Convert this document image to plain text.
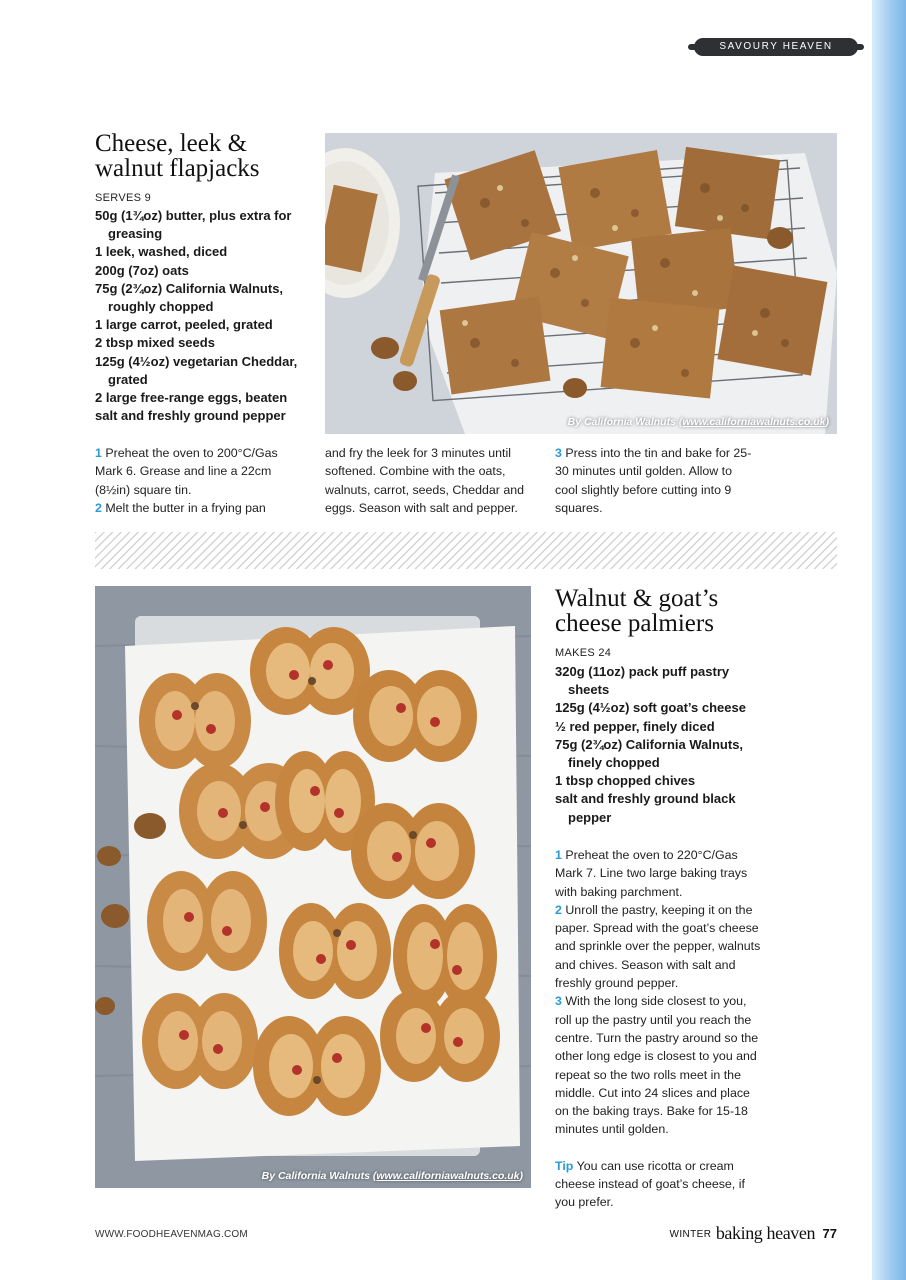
SAVOURY HEAVEN
Cheese, leek &
walnut flapjacks
SERVES 9
50g (1¾oz) butter, plus extra for greasing
1 leek, washed, diced
200g (7oz) oats
75g (2¾oz) California Walnuts, roughly chopped
1 large carrot, peeled, grated
2 tbsp mixed seeds
125g (4½oz) vegetarian Cheddar, grated
2 large free-range eggs, beaten
salt and freshly ground pepper	By California Walnuts (www.californiawalnuts.co.uk)

1 Preheat the oven to 200°C/Gas Mark 6. Grease and line a 22cm (8½in) square tin.

2 Melt the butter in a frying pan

and fry the leek for 3 minutes until softened. Combine with the oats, walnuts, carrot, seeds, Cheddar and eggs. Season with salt and pepper.

3 Press into the tin and bake for 25-30 minutes until golden. Allow to cool slightly before cutting into 9 squares.

By California Walnuts (www.californiawalnuts.co.uk)
Walnut & goat’s
cheese palmiers
MAKES 24
320g (11oz) pack puff pastry sheets
125g (4½oz) soft goat’s cheese
½ red pepper, finely diced
75g (2¾oz) California Walnuts, finely chopped
1 tbsp chopped chives
salt and freshly ground black pepper

1 Preheat the oven to 220°C/Gas Mark 7. Line two large baking trays with baking parchment.

2 Unroll the pastry, keeping it on the paper. Spread with the goat’s cheese and sprinkle over the pepper, walnuts and chives. Season with salt and freshly ground pepper.

3 With the long side closest to you, roll up the pastry until you reach the centre. Turn the pastry around so the other long edge is closest to you and repeat so the two rolls meet in the middle. Cut into 24 slices and place on the baking trays. Bake for 15-18 minutes until golden.

Tip You can use ricotta or cream cheese instead of goat’s cheese, if you prefer.

WWW.FOODHEAVENMAG.COM	WINTER baking heaven 77
